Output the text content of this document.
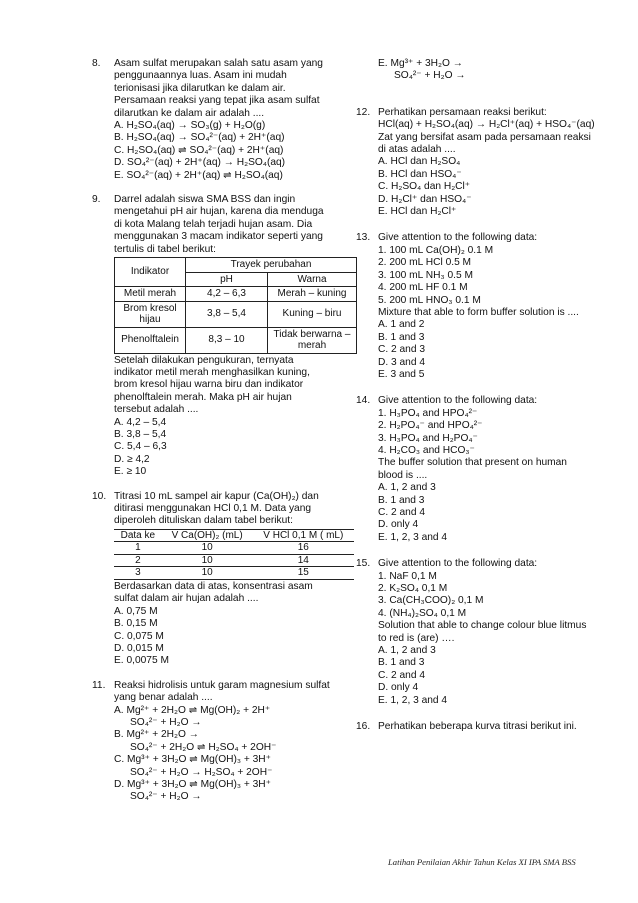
8. Asam sulfat merupakan salah satu asam yang
penggunaannya luas. Asam ini mudah
terionisasi jika dilarutkan ke dalam air.
Persamaan reaksi yang tepat jika asam sulfat
dilarutkan ke dalam air adalah ....
A. H₂SO₄(aq) → SO₃(g) + H₂O(g)
B. H₂SO₄(aq) → SO₄²⁻(aq) + 2H⁺(aq)
C. H₂SO₄(aq) ⇌ SO₄²⁻(aq) + 2H⁺(aq)
D. SO₄²⁻(aq) + 2H⁺(aq) → H₂SO₄(aq)
E. SO₄²⁻(aq) + 2H⁺(aq) ⇌ H₂SO₄(aq)
9. Darrel adalah siswa SMA BSS dan ingin
mengetahui pH air hujan, karena dia menduga
di kota Malang telah terjadi hujan asam. Dia
menggunakan 3 macam indikator seperti yang
tertulis di tabel berikut:
Indikator	Trayek perubahan	
	pH	Warna
Metil merah	4,2 – 6,3	Merah – kuning
Brom kresol hijau	3,8 – 5,4	Kuning – biru
Phenolftalein	8,3 – 10	Tidak berwarna – merah
Setelah dilakukan pengukuran, ternyata
indikator metil merah menghasilkan kuning,
brom kresol hijau warna biru dan indikator
phenolftalein merah. Maka pH air hujan
tersebut adalah ....
A. 4,2 – 5,4
B. 3,8 – 5,4
C. 5,4 – 6,3
D. ≥ 4,2
E. ≥ 10
10. Titrasi 10 mL sampel air kapur (Ca(OH)₂) dan
ditirasi menggunakan HCl 0,1 M. Data yang
diperoleh dituliskan dalam tabel berikut:
Data ke	V Ca(OH)₂ (mL)	V HCl 0,1 M ( mL)
1	10	16
2	10	14
3	10	15
Berdasarkan data di atas, konsentrasi asam
sulfat dalam air hujan adalah ....
A. 0,75 M
B. 0,15 M
C. 0,075 M
D. 0,015 M
E. 0,0075 M
11. Reaksi hidrolisis untuk garam magnesium sulfat
yang benar adalah ....
A. Mg²⁺ + 2H₂O ⇌ Mg(OH)₂ + 2H⁺
SO₄²⁻ + H₂O →
B. Mg²⁺ + 2H₂O →
SO₄²⁻ + 2H₂O ⇌ H₂SO₄ + 2OH⁻
C. Mg³⁺ + 3H₂O ⇌ Mg(OH)₃ + 3H⁺
SO₄²⁻ + H₂O → H₂SO₄ + 2OH⁻
D. Mg³⁺ + 3H₂O ⇌ Mg(OH)₃ + 3H⁺
SO₄²⁻ + H₂O →
E. Mg³⁺ + 3H₂O →
SO₄²⁻ + H₂O →
12. Perhatikan persamaan reaksi berikut:
HCl(aq) + H₂SO₄(aq) → H₂Cl⁺(aq) + HSO₄⁻(aq)
Zat yang bersifat asam pada persamaan reaksi
di atas adalah ....
A. HCl dan H₂SO₄
B. HCl dan HSO₄⁻
C. H₂SO₄ dan H₂Cl⁺
D. H₂Cl⁺ dan HSO₄⁻
E. HCl dan H₂Cl⁺
13. Give attention to the following data:
1. 100 mL Ca(OH)₂ 0.1 M
2. 200 mL HCl 0.5 M
3. 100 mL NH₃ 0.5 M
4. 200 mL HF 0.1 M
5. 200 mL HNO₃ 0.1 M
Mixture that able to form buffer solution is ....
A. 1 and 2
B. 1 and 3
C. 2 and 3
D. 3 and 4
E. 3 and 5
14. Give attention to the following data:
1. H₃PO₄ and HPO₄²⁻
2. H₂PO₄⁻ and HPO₄²⁻
3. H₃PO₄ and H₂PO₄⁻
4. H₂CO₃ and HCO₃⁻
The buffer solution that present on human
blood is ....
A. 1, 2 and 3
B. 1 and 3
C. 2 and 4
D. only 4
E. 1, 2, 3 and 4
15. Give attention to the following data:
1. NaF 0,1 M
2. K₂SO₄ 0,1 M
3. Ca(CH₃COO)₂ 0,1 M
4. (NH₄)₂SO₄ 0,1 M
Solution that able to change colour blue litmus
to red is (are) ….
A. 1, 2 and 3
B. 1 and 3
C. 2 and 4
D. only 4
E. 1, 2, 3 and 4
16. Perhatikan beberapa kurva titrasi berikut ini.
Latihan Penilaian Akhir Tahun Kelas XI IPA SMA BSS
